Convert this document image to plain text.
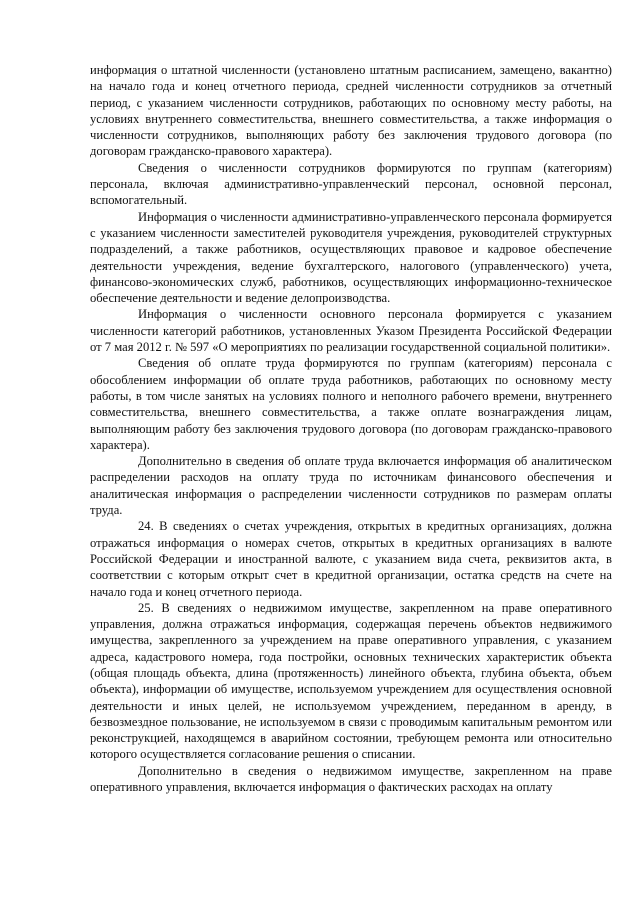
информация о штатной численности (установлено штатным расписанием, замещено, вакантно) на начало года и конец отчетного периода, средней численности сотрудников за отчетный период, с указанием численности сотрудников, работающих по основному месту работы, на условиях внутреннего совместительства, внешнего совместительства, а также информация о численности сотрудников, выполняющих работу без заключения трудового договора (по договорам гражданско-правового характера).

Сведения о численности сотрудников формируются по группам (категориям) персонала, включая административно-управленческий персонал, основной персонал, вспомогательный.

Информация о численности административно-управленческого персонала формируется с указанием численности заместителей руководителя учреждения, руководителей структурных подразделений, а также работников, осуществляющих правовое и кадровое обеспечение деятельности учреждения, ведение бухгалтерского, налогового (управленческого) учета, финансово-экономических служб, работников, осуществляющих информационно-техническое обеспечение деятельности и ведение делопроизводства.

Информация о численности основного персонала формируется с указанием численности категорий работников, установленных Указом Президента Российской Федерации от 7 мая 2012 г. № 597 «О мероприятиях по реализации государственной социальной политики».

Сведения об оплате труда формируются по группам (категориям) персонала с обособлением информации об оплате труда работников, работающих по основному месту работы, в том числе занятых на условиях полного и неполного рабочего времени, внутреннего совместительства, внешнего совместительства, а также оплате вознаграждения лицам, выполняющим работу без заключения трудового договора (по договорам гражданско-правового характера).

Дополнительно в сведения об оплате труда включается информация об аналитическом распределении расходов на оплату труда по источникам финансового обеспечения и аналитическая информация о распределении численности сотрудников по размерам оплаты труда.

24. В сведениях о счетах учреждения, открытых в кредитных организациях, должна отражаться информация о номерах счетов, открытых в кредитных организациях в валюте Российской Федерации и иностранной валюте, с указанием вида счета, реквизитов акта, в соответствии с которым открыт счет в кредитной организации, остатка средств на счете на начало года и конец отчетного периода.

25. В сведениях о недвижимом имуществе, закрепленном на праве оперативного управления, должна отражаться информация, содержащая перечень объектов недвижимого имущества, закрепленного за учреждением на праве оперативного управления, с указанием адреса, кадастрового номера, года постройки, основных технических характеристик объекта (общая площадь объекта, длина (протяженность) линейного объекта, глубина объекта, объем объекта), информации об имуществе, используемом учреждением для осуществления основной деятельности и иных целей, не используемом учреждением, переданном в аренду, в безвозмездное пользование, не используемом в связи с проводимым капитальным ремонтом или реконструкцией, находящемся в аварийном состоянии, требующем ремонта или относительно которого осуществляется согласование решения о списании.

Дополнительно в сведения о недвижимом имуществе, закрепленном на праве оперативного управления, включается информация о фактических расходах на оплату
